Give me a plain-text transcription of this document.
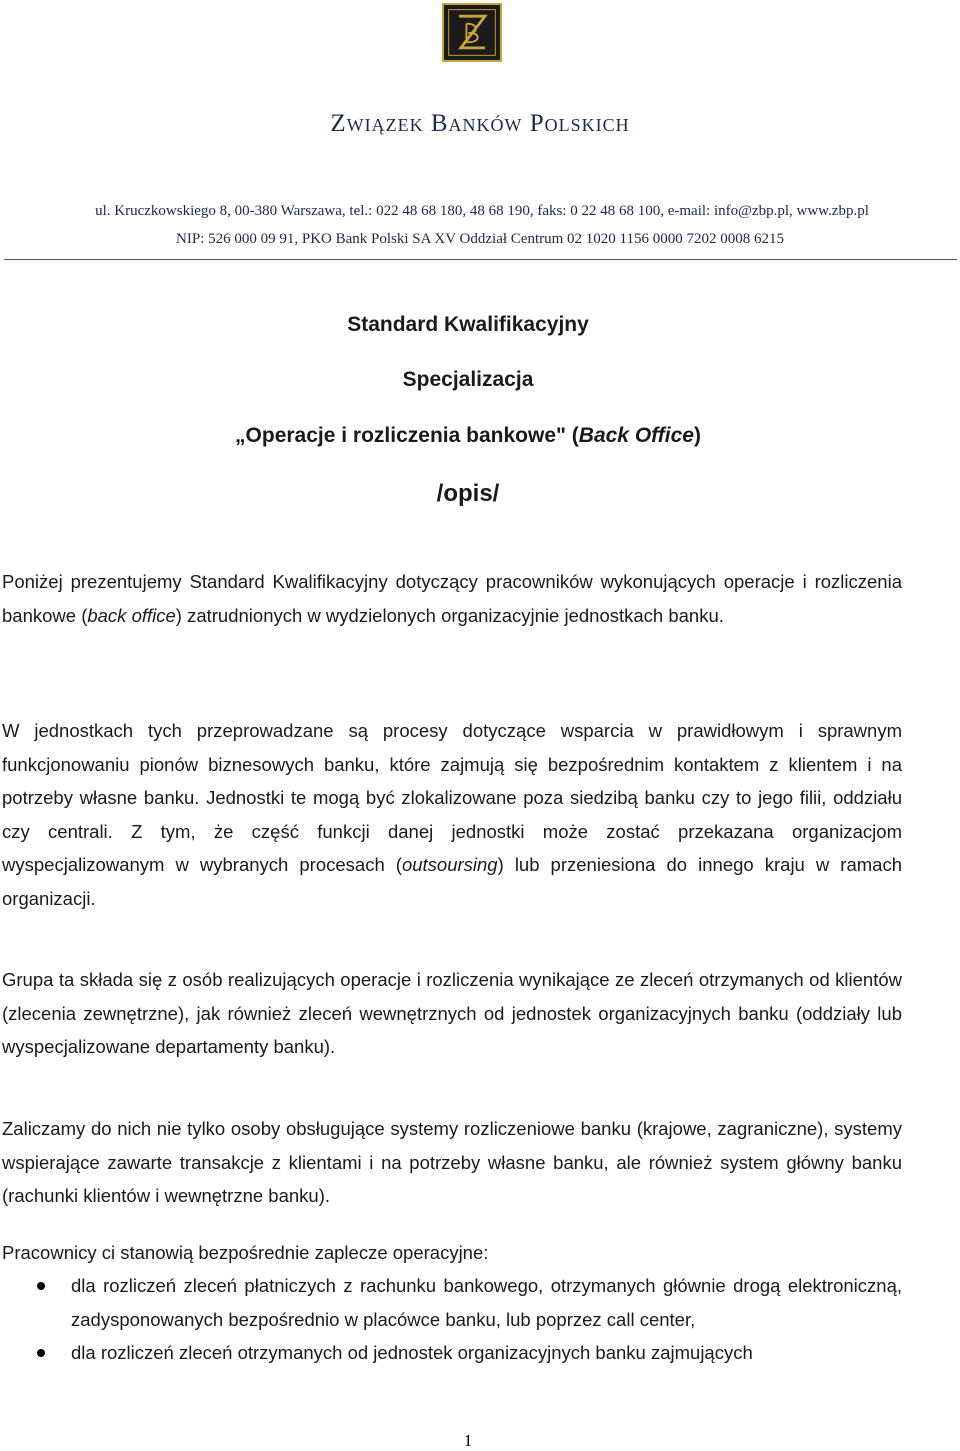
Związek Banków Polskich
ul. Kruczkowskiego 8, 00-380 Warszawa, tel.: 022 48 68 180, 48 68 190, faks: 0 22 48 68 100, e-mail: info@zbp.pl, www.zbp.pl
NIP: 526 000 09 91, PKO Bank Polski SA XV Oddział Centrum 02 1020 1156 0000 7202 0008 6215
Standard Kwalifikacyjny
Specjalizacja
„Operacje i rozliczenia bankowe" (Back Office)
/opis/
Poniżej prezentujemy Standard Kwalifikacyjny dotyczący pracowników wykonujących operacje i rozliczenia bankowe (back office) zatrudnionych w wydzielonych organizacyjnie jednostkach banku.
W jednostkach tych przeprowadzane są procesy dotyczące wsparcia w prawidłowym i sprawnym funkcjonowaniu pionów biznesowych banku, które zajmują się bezpośrednim kontaktem z klientem i na potrzeby własne banku. Jednostki te mogą być zlokalizowane poza siedzibą banku czy to jego filii, oddziału czy centrali. Z tym, że część funkcji danej jednostki może zostać przekazana organizacjom wyspecjalizowanym w wybranych procesach (outsoursing) lub przeniesiona do innego kraju w ramach organizacji.
Grupa ta składa się z osób realizujących operacje i rozliczenia wynikające ze zleceń otrzymanych od klientów (zlecenia zewnętrzne), jak również zleceń wewnętrznych od jednostek organizacyjnych banku (oddziały lub wyspecjalizowane departamenty banku).
Zaliczamy do nich nie tylko osoby obsługujące systemy rozliczeniowe banku (krajowe, zagraniczne), systemy wspierające zawarte transakcje z klientami i na potrzeby własne banku, ale również system główny banku (rachunki klientów i wewnętrzne banku).
Pracownicy ci stanowią bezpośrednie zaplecze operacyjne:
dla rozliczeń zleceń płatniczych z rachunku bankowego, otrzymanych głównie drogą elektroniczną, zadysponowanych bezpośrednio w placówce banku, lub poprzez call center,
dla rozliczeń zleceń otrzymanych od jednostek organizacyjnych banku zajmujących
1
